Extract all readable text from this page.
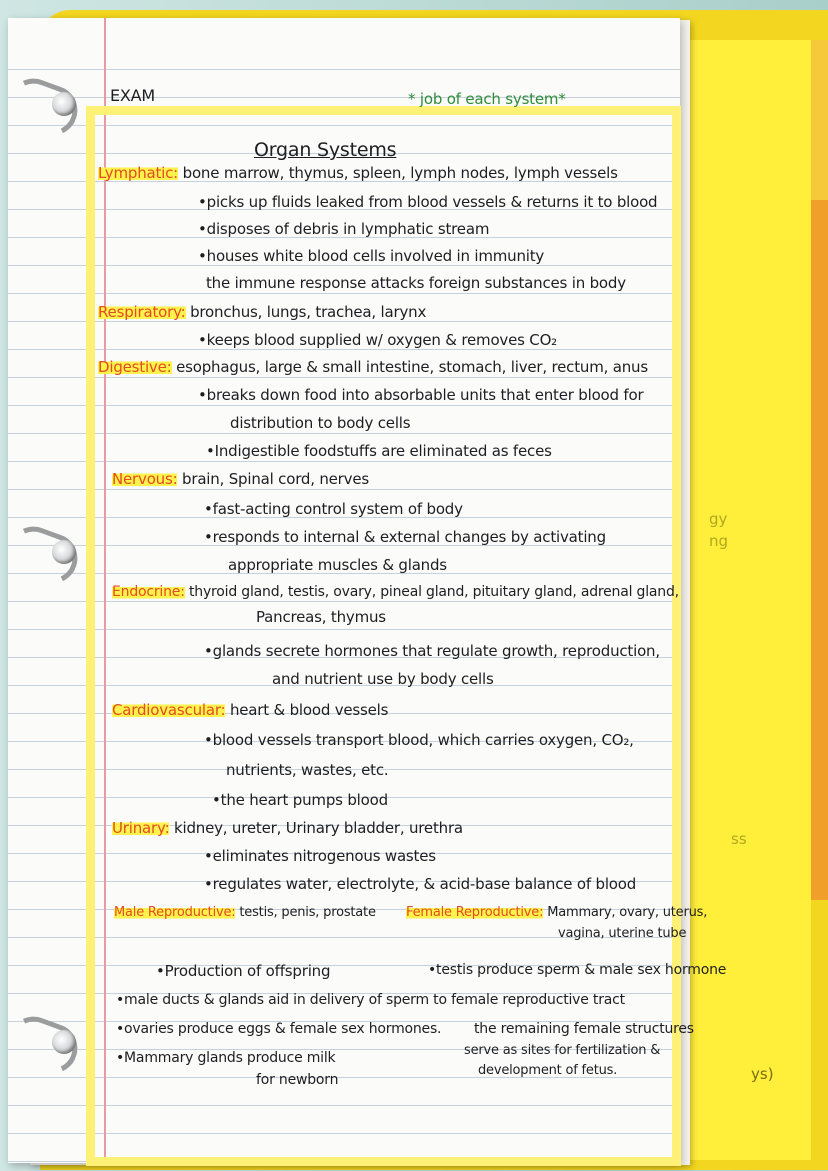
gy
ng
ss
ys)
EXAM	* job of each system*
Organ Systems
Lymphatic: bone marrow, thymus, spleen, lymph nodes, lymph vessels
•picks up fluids leaked from blood vessels & returns it to blood
•disposes of debris in lymphatic stream
•houses white blood cells involved in immunity
the immune response attacks foreign substances in body
Respiratory: bronchus, lungs, trachea, larynx
•keeps blood supplied w/ oxygen & removes CO₂
Digestive: esophagus, large & small intestine, stomach, liver, rectum, anus
•breaks down food into absorbable units that enter blood for
distribution to body cells
•Indigestible foodstuffs are eliminated as feces
Nervous: brain, Spinal cord, nerves
•fast-acting control system of body
•responds to internal & external changes by activating
appropriate muscles & glands
Endocrine: thyroid gland, testis, ovary, pineal gland, pituitary gland, adrenal gland,
Pancreas, thymus
•glands secrete hormones that regulate growth, reproduction,
and nutrient use by body cells
Cardiovascular: heart & blood vessels
•blood vessels transport blood, which carries oxygen, CO₂,
nutrients, wastes, etc.
•the heart pumps blood
Urinary: kidney, ureter, Urinary bladder, urethra
•eliminates nitrogenous wastes
•regulates water, electrolyte, & acid-base balance of blood
Male Reproductive: testis, penis, prostate Female Reproductive: Mammary, ovary, uterus,
vagina, uterine tube
•Production of offspring	•testis produce sperm & male sex hormone
•male ducts & glands aid in delivery of sperm to female reproductive tract
•ovaries produce eggs & female sex hormones. the remaining female structures
serve as sites for fertilization &
development of fetus.
•Mammary glands produce milk
for newborn
